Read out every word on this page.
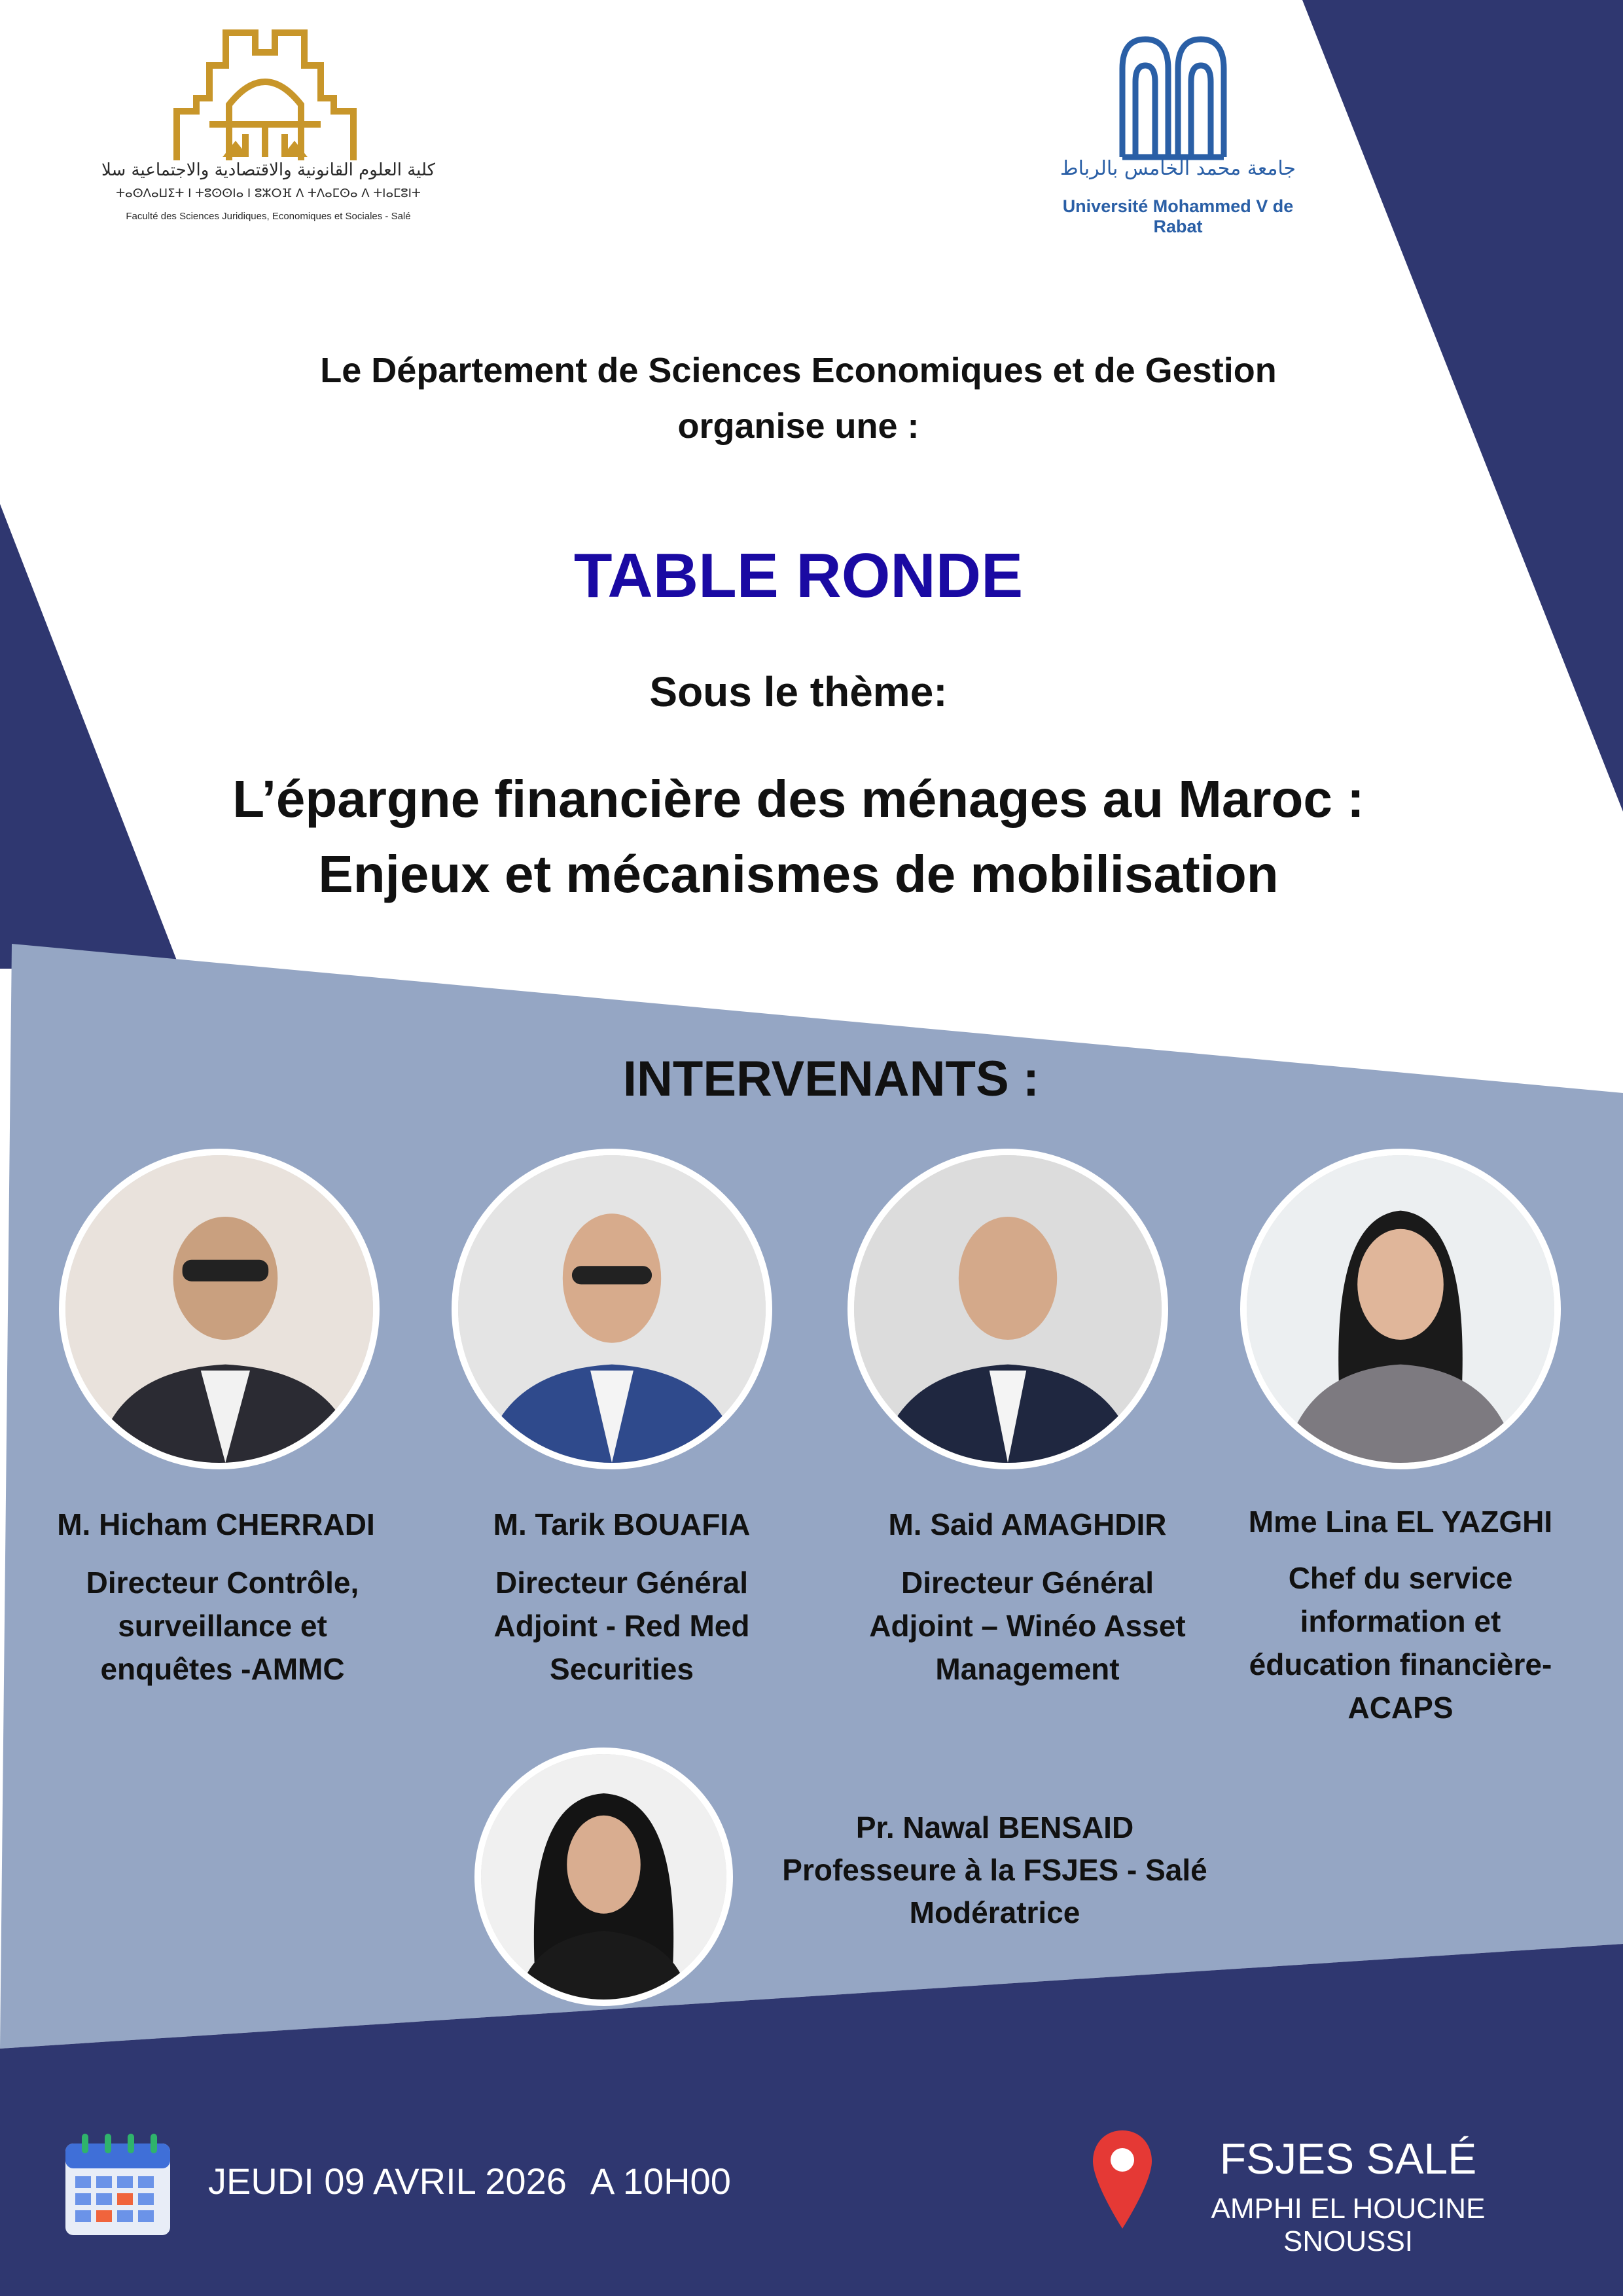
كلية العلوم القانونية والاقتصادية والاجتماعية سلا
ⵜⴰⵙⴷⴰⵡⵉⵜ ⵏ ⵜⵓⵙⵙⵏⴰ ⵏ ⵓⵣⵔⴼ ⴷ ⵜⴷⴰⵎⵙⴰ ⴷ ⵜⵏⴰⵎⵓⵏⵜ
Faculté des Sciences Juridiques, Economiques et Sociales - Salé
جامعة محمد الخامس بالرباط
Université Mohammed V de Rabat
Le Département de Sciences Economiques et de Gestion
organise une :
TABLE RONDE
Sous le thème:
L’épargne financière des ménages au Maroc :
Enjeux et mécanismes de mobilisation
INTERVENANTS :
M. Hicham CHERRADI
Directeur Contrôle,
surveillance et
enquêtes -AMMC
M. Tarik BOUAFIA
Directeur Général
Adjoint - Red Med
Securities
M. Said AMAGHDIR
Directeur Général
Adjoint – Winéo Asset
Management
Mme Lina EL YAZGHI
Chef du service
information et
éducation financière-
ACAPS
Pr. Nawal BENSAID
Professeure à la FSJES - Salé
Modératrice
JEUDI 09 AVRIL 2026 A 10H00	FSJES SALÉ
AMPHI EL HOUCINE SNOUSSI
